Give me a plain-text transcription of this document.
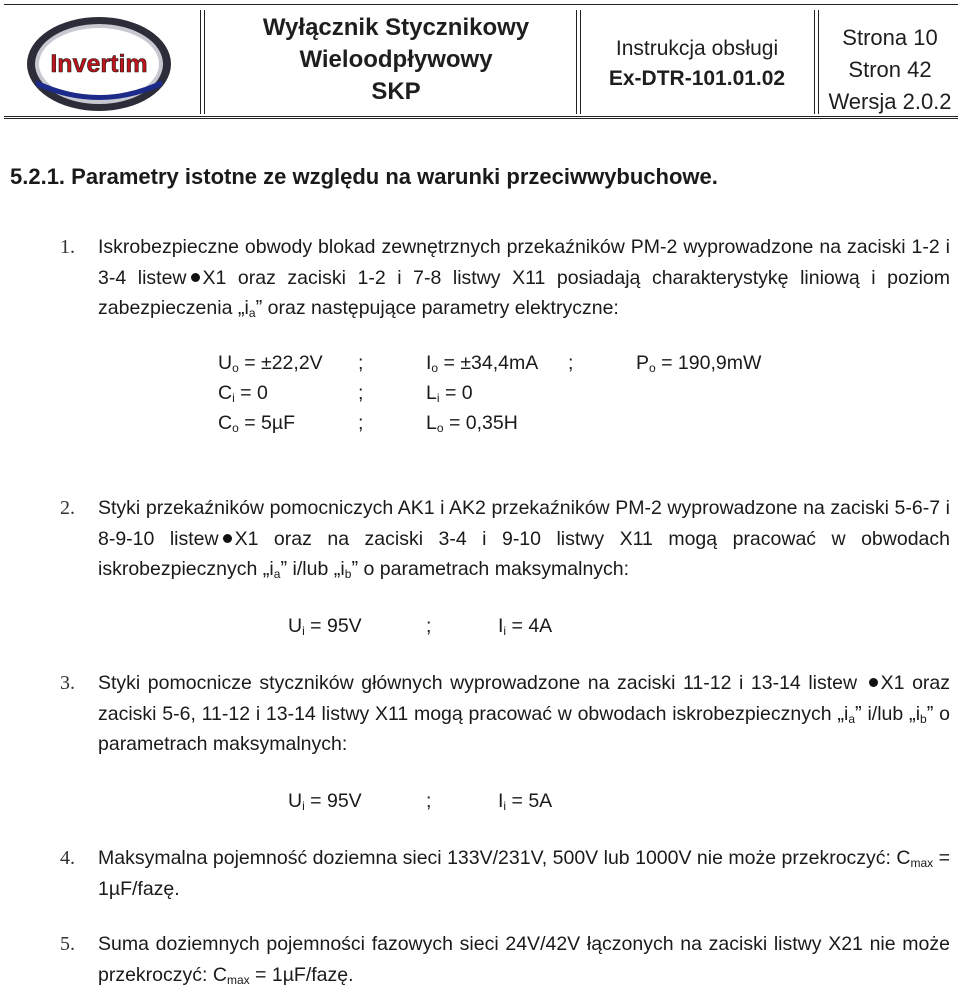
Invertim
Wyłącznik Stycznikowy
Wieloodpływowy
SKP
Instrukcja obsługi
Ex-DTR-101.01.02
Strona 10
Stron 42
Wersja 2.0.2
5.2.1. Parametry istotne ze względu na warunki przeciwwybuchowe.
1.	Iskrobezpieczne obwody blokad zewnętrznych przekaźników PM-2 wyprowadzone na zaciski 1-2 i 3-4 listew X1 oraz zaciski 1-2 i 7-8 listwy X11 posiadają charakterystykę liniową i poziom zabezpieczenia $„i_a$” oraz następujące parametry elektryczne:
$U_o = \pm 22,2V$ ;	$I_o = \pm 34,4mA$ ;	$P_o = 190,9mW$
$C_i = 0$	;	$L_i = 0$
$C_o = 5\mu F$	;	$L_o = 0,35H$
2.	Styki przekaźników pomocniczych AK1 i AK2 przekaźników PM-2 wyprowadzone na zaciski 5-6-7 i 8-9-10 listew X1 oraz na zaciski 3-4 i 9-10 listwy X11 mogą pracować w obwodach iskrobezpiecznych $„i_a$” i/lub $„i_b$” o parametrach maksymalnych:
$U_i = 95V$	;	$I_i = 4A$
3.	Styki pomocnicze styczników głównych wyprowadzone na zaciski 11-12 i 13-14 listew X1 oraz zaciski 5-6, 11-12 i 13-14 listwy X11 mogą pracować w obwodach iskrobezpiecznych $„i_a$” i/lub $„i_b$” o parametrach maksymalnych:
$U_i = 95V$	;	$I_i = 5A$
4.	Maksymalna pojemność doziemna sieci 133V/231V, 500V lub 1000V nie może przekroczyć: $C_{max}$ = 1µF/fazę.
5.	Suma doziemnych pojemności fazowych sieci 24V/42V łączonych na zaciski listwy X21 nie może przekroczyć: $C_{max}$ = 1µF/fazę.
